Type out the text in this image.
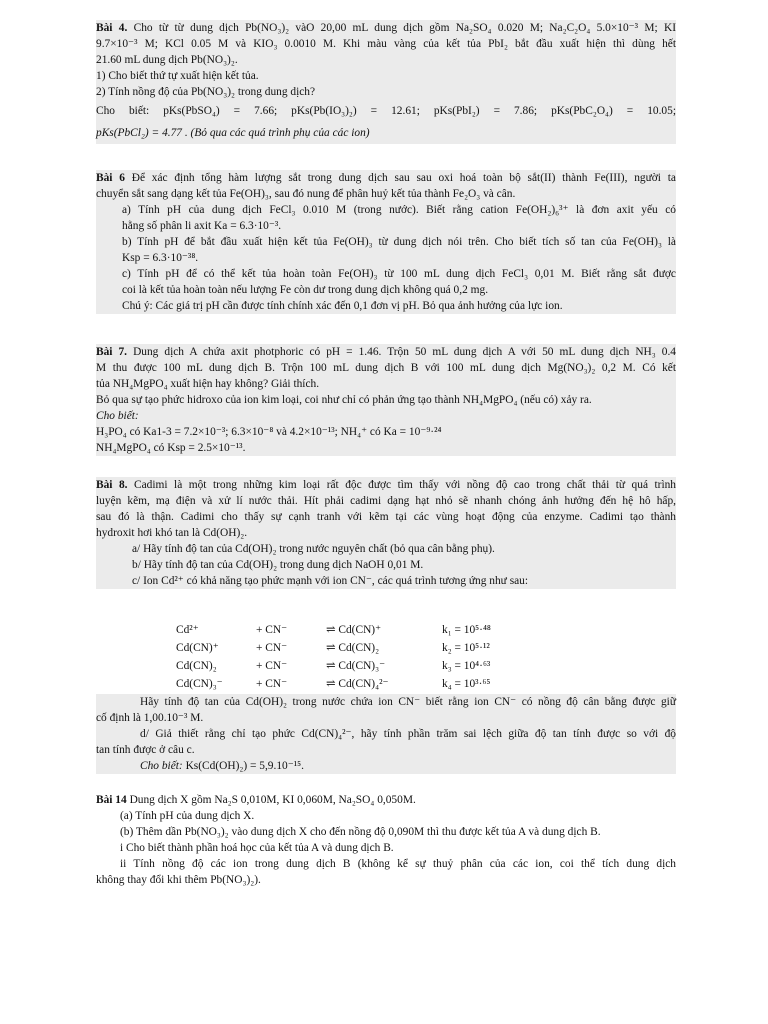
Bài 4. Cho từ từ dung dịch Pb(NO₃)₂ vàO 20,00 mL dung dịch gồm Na₂SO₄ 0.020 M; Na₂C₂O₄ 5.0×10⁻³ M; KI
9.7×10⁻³ M; KCl 0.05 M và KIO₃ 0.0010 M. Khi màu vàng của kết tủa PbI₂ bắt đầu xuất hiện thì dùng hết
21.60 mL dung dịch Pb(NO₃)₂.
1) Cho biết thứ tự xuất hiện kết tủa.
2) Tính nồng độ của Pb(NO₃)₂ trong dung dịch?
Cho biết: pKs(PbSO₄) = 7.66; pKs(Pb(IO₃)₂) = 12.61; pKs(PbI₂) = 7.86; pKs(PbC₂O₄) = 10.05;
pKs(PbCl₂) = 4.77 . (Bỏ qua các quá trình phụ của các ion)
Bài 6 Để xác định tổng hàm lượng sắt trong dung dịch sau sau oxi hoá toàn bộ sắt(II) thành Fe(III), người ta
chuyển sắt sang dạng kết tủa Fe(OH)₃, sau đó nung để phân huỷ kết tủa thành Fe₂O₃ và cân.
a) Tính pH của dung dịch FeCl₃ 0.010 M (trong nước). Biết rằng cation Fe(OH₂)₆³⁺ là đơn axit yếu có
hằng số phân li axit Ka = 6.3·10⁻³.
b) Tính pH để bắt đầu xuất hiện kết tủa Fe(OH)₃ từ dung dịch nói trên. Cho biết tích số tan của Fe(OH)₃ là
Ksp = 6.3·10⁻³⁸.
c) Tính pH để có thể kết tủa hoàn toàn Fe(OH)₃ từ 100 mL dung dịch FeCl₃ 0,01 M. Biết rằng sắt được
coi là kết tủa hoàn toàn nếu lượng Fe còn dư trong dung dịch không quá 0,2 mg.
Chú ý: Các giá trị pH cần được tính chính xác đến 0,1 đơn vị pH. Bỏ qua ảnh hưởng của lực ion.
Bài 7. Dung dịch A chứa axit photphoric có pH = 1.46. Trộn 50 mL dung dịch A với 50 mL dung dịch NH₃ 0.4
M thu được 100 mL dung dịch B. Trộn 100 mL dung dịch B với 100 mL dung dịch Mg(NO₃)₂ 0,2 M. Có kết
tủa NH₄MgPO₄ xuất hiện hay không? Giải thích.
Bỏ qua sự tạo phức hidroxo của ion kim loại, coi như chỉ có phản ứng tạo thành NH₄MgPO₄ (nếu có) xảy ra.
Cho biết:
H₃PO₄ có Ka1-3 = 7.2×10⁻³; 6.3×10⁻⁸ và 4.2×10⁻¹³; NH₄⁺ có Ka = 10⁻⁹·²⁴
NH₄MgPO₄ có Ksp = 2.5×10⁻¹³.
Bài 8. Cadimi là một trong những kim loại rất độc được tìm thấy với nồng độ cao trong chất thải từ quá trình
luyện kẽm, mạ điện và xử lí nước thải. Hít phải cadimi dạng hạt nhỏ sẽ nhanh chóng ảnh hưởng đến hệ hô hấp,
sau đó là thận. Cadimi cho thấy sự cạnh tranh với kẽm tại các vùng hoạt động của enzyme. Cadimi tạo thành
hydroxit hơi khó tan là Cd(OH)₂.
a/ Hãy tính độ tan của Cd(OH)₂ trong nước nguyên chất (bỏ qua cân bằng phụ).
b/ Hãy tính độ tan của Cd(OH)₂ trong dung dịch NaOH 0,01 M.
c/ Ion Cd²⁺ có khả năng tạo phức mạnh với ion CN⁻, các quá trình tương ứng như sau:
Cd²⁺	+ CN⁻	⇌ Cd(CN)⁺	k₁ = 10⁵·⁴⁸
Cd(CN)⁺	+ CN⁻	⇌ Cd(CN)₂	k₂ = 10⁵·¹²
Cd(CN)₂	+ CN⁻	⇌ Cd(CN)₃⁻	k₃ = 10⁴·⁶³
Cd(CN)₃⁻	+ CN⁻	⇌ Cd(CN)₄²⁻	k₄ = 10³·⁶⁵
Hãy tính độ tan của Cd(OH)₂ trong nước chứa ion CN⁻ biết rằng ion CN⁻ có nồng độ cân bằng được giữ
cố định là 1,00.10⁻³ M.
d/ Giả thiết rằng chỉ tạo phức Cd(CN)₄²⁻, hãy tính phần trăm sai lệch giữa độ tan tính được so với độ
tan tính được ở câu c.
Cho biết: Ks(Cd(OH)₂) = 5,9.10⁻¹⁵.
Bài 14 Dung dịch X gồm Na₂S 0,010M, KI 0,060M, Na₂SO₄ 0,050M.
(a) Tính pH của dung dịch X.
(b) Thêm dần Pb(NO₃)₂ vào dung dịch X cho đến nồng độ 0,090M thì thu được kết tủa A và dung dịch B.
i Cho biết thành phần hoá học của kết tủa A và dung dịch B.
ii Tính nồng độ các ion trong dung dịch B (không kể sự thuỷ phân của các ion, coi thể tích dung dịch
không thay đổi khi thêm Pb(NO₃)₂).
